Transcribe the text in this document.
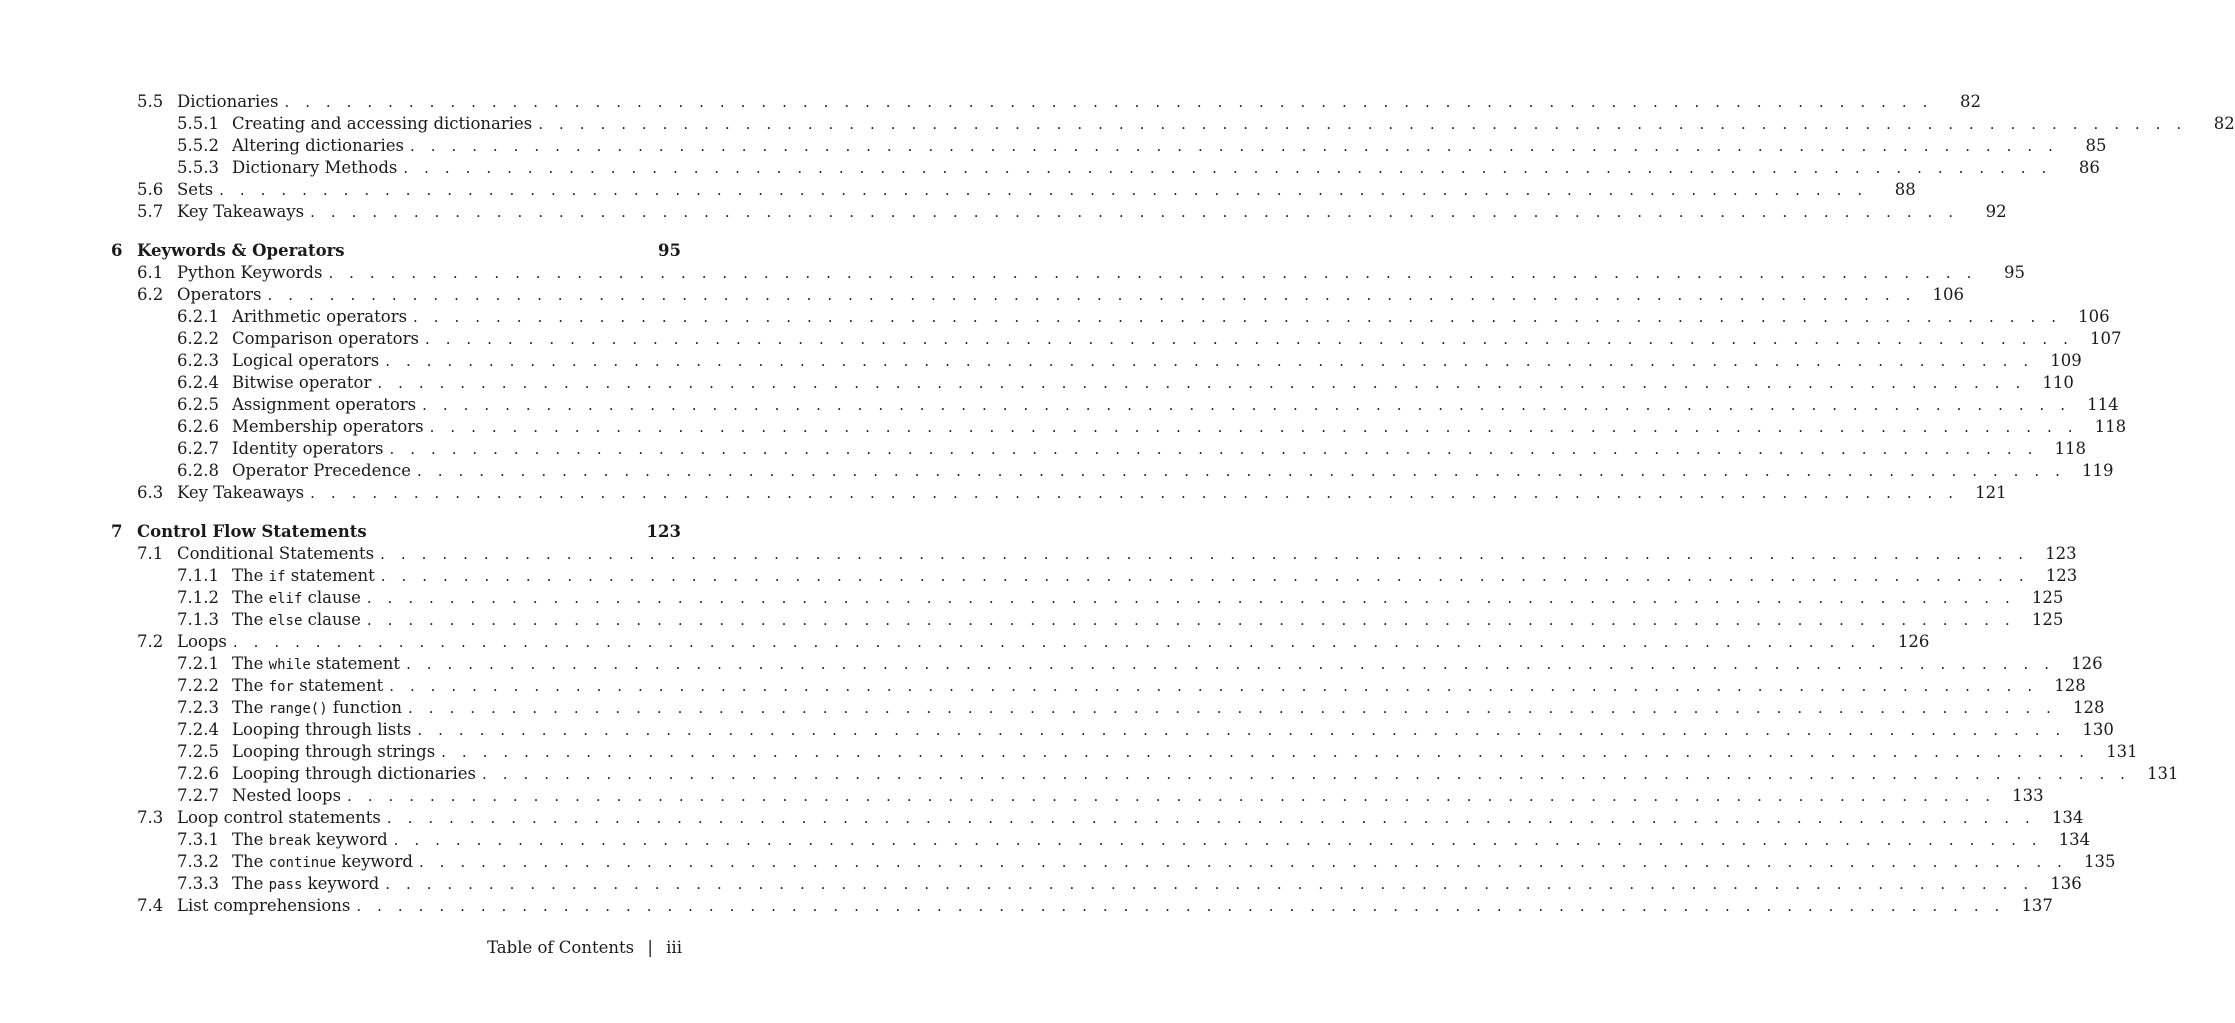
5.5 Dictionaries . . . . . . . . . . . . . . . . . . . . . . . . . . . . . . . . . . . . . . . . . . . . . . . . . . . . . . . . . . . . . . . . . . . . . . . . . . . . . . . .	82
5.5.1 Creating and accessing dictionaries . . . . . . . . . . . . . . . . . . . . . . . . . . . . . . . . . . . . . . . . . . . . . . . . . . . . . . . . . . . . . . . . . . . . . . . . . . . . . . . .	82
5.5.2 Altering dictionaries . . . . . . . . . . . . . . . . . . . . . . . . . . . . . . . . . . . . . . . . . . . . . . . . . . . . . . . . . . . . . . . . . . . . . . . . . . . . . . . .	85
5.5.3 Dictionary Methods . . . . . . . . . . . . . . . . . . . . . . . . . . . . . . . . . . . . . . . . . . . . . . . . . . . . . . . . . . . . . . . . . . . . . . . . . . . . . . . .	86
5.6 Sets . . . . . . . . . . . . . . . . . . . . . . . . . . . . . . . . . . . . . . . . . . . . . . . . . . . . . . . . . . . . . . . . . . . . . . . . . . . . . . . .	88
5.7 Key Takeaways . . . . . . . . . . . . . . . . . . . . . . . . . . . . . . . . . . . . . . . . . . . . . . . . . . . . . . . . . . . . . . . . . . . . . . . . . . . . . . . .	92
6 Keywords & Operators	95
6.1 Python Keywords . . . . . . . . . . . . . . . . . . . . . . . . . . . . . . . . . . . . . . . . . . . . . . . . . . . . . . . . . . . . . . . . . . . . . . . . . . . . . . . .	95
6.2 Operators . . . . . . . . . . . . . . . . . . . . . . . . . . . . . . . . . . . . . . . . . . . . . . . . . . . . . . . . . . . . . . . . . . . . . . . . . . . . . . . .	106
6.2.1 Arithmetic operators . . . . . . . . . . . . . . . . . . . . . . . . . . . . . . . . . . . . . . . . . . . . . . . . . . . . . . . . . . . . . . . . . . . . . . . . . . . . . . . .	106
6.2.2 Comparison operators . . . . . . . . . . . . . . . . . . . . . . . . . . . . . . . . . . . . . . . . . . . . . . . . . . . . . . . . . . . . . . . . . . . . . . . . . . . . . . . .	107
6.2.3 Logical operators . . . . . . . . . . . . . . . . . . . . . . . . . . . . . . . . . . . . . . . . . . . . . . . . . . . . . . . . . . . . . . . . . . . . . . . . . . . . . . . .	109
6.2.4 Bitwise operator . . . . . . . . . . . . . . . . . . . . . . . . . . . . . . . . . . . . . . . . . . . . . . . . . . . . . . . . . . . . . . . . . . . . . . . . . . . . . . . .	110
6.2.5 Assignment operators . . . . . . . . . . . . . . . . . . . . . . . . . . . . . . . . . . . . . . . . . . . . . . . . . . . . . . . . . . . . . . . . . . . . . . . . . . . . . . . .	114
6.2.6 Membership operators . . . . . . . . . . . . . . . . . . . . . . . . . . . . . . . . . . . . . . . . . . . . . . . . . . . . . . . . . . . . . . . . . . . . . . . . . . . . . . . .	118
6.2.7 Identity operators . . . . . . . . . . . . . . . . . . . . . . . . . . . . . . . . . . . . . . . . . . . . . . . . . . . . . . . . . . . . . . . . . . . . . . . . . . . . . . . .	118
6.2.8 Operator Precedence . . . . . . . . . . . . . . . . . . . . . . . . . . . . . . . . . . . . . . . . . . . . . . . . . . . . . . . . . . . . . . . . . . . . . . . . . . . . . . . .	119
6.3 Key Takeaways . . . . . . . . . . . . . . . . . . . . . . . . . . . . . . . . . . . . . . . . . . . . . . . . . . . . . . . . . . . . . . . . . . . . . . . . . . . . . . . .	121
7 Control Flow Statements	123
7.1 Conditional Statements . . . . . . . . . . . . . . . . . . . . . . . . . . . . . . . . . . . . . . . . . . . . . . . . . . . . . . . . . . . . . . . . . . . . . . . . . . . . . . . .	123
7.1.1 The if statement . . . . . . . . . . . . . . . . . . . . . . . . . . . . . . . . . . . . . . . . . . . . . . . . . . . . . . . . . . . . . . . . . . . . . . . . . . . . . . . .	123
7.1.2 The elif clause . . . . . . . . . . . . . . . . . . . . . . . . . . . . . . . . . . . . . . . . . . . . . . . . . . . . . . . . . . . . . . . . . . . . . . . . . . . . . . . .	125
7.1.3 The else clause . . . . . . . . . . . . . . . . . . . . . . . . . . . . . . . . . . . . . . . . . . . . . . . . . . . . . . . . . . . . . . . . . . . . . . . . . . . . . . . .	125
7.2 Loops . . . . . . . . . . . . . . . . . . . . . . . . . . . . . . . . . . . . . . . . . . . . . . . . . . . . . . . . . . . . . . . . . . . . . . . . . . . . . . . .	126
7.2.1 The while statement . . . . . . . . . . . . . . . . . . . . . . . . . . . . . . . . . . . . . . . . . . . . . . . . . . . . . . . . . . . . . . . . . . . . . . . . . . . . . . . .	126
7.2.2 The for statement . . . . . . . . . . . . . . . . . . . . . . . . . . . . . . . . . . . . . . . . . . . . . . . . . . . . . . . . . . . . . . . . . . . . . . . . . . . . . . . .	128
7.2.3 The range() function . . . . . . . . . . . . . . . . . . . . . . . . . . . . . . . . . . . . . . . . . . . . . . . . . . . . . . . . . . . . . . . . . . . . . . . . . . . . . . . .	128
7.2.4 Looping through lists . . . . . . . . . . . . . . . . . . . . . . . . . . . . . . . . . . . . . . . . . . . . . . . . . . . . . . . . . . . . . . . . . . . . . . . . . . . . . . . .	130
7.2.5 Looping through strings . . . . . . . . . . . . . . . . . . . . . . . . . . . . . . . . . . . . . . . . . . . . . . . . . . . . . . . . . . . . . . . . . . . . . . . . . . . . . . . .	131
7.2.6 Looping through dictionaries . . . . . . . . . . . . . . . . . . . . . . . . . . . . . . . . . . . . . . . . . . . . . . . . . . . . . . . . . . . . . . . . . . . . . . . . . . . . . . . .	131
7.2.7 Nested loops . . . . . . . . . . . . . . . . . . . . . . . . . . . . . . . . . . . . . . . . . . . . . . . . . . . . . . . . . . . . . . . . . . . . . . . . . . . . . . . .	133
7.3 Loop control statements . . . . . . . . . . . . . . . . . . . . . . . . . . . . . . . . . . . . . . . . . . . . . . . . . . . . . . . . . . . . . . . . . . . . . . . . . . . . . . . .	134
7.3.1 The break keyword . . . . . . . . . . . . . . . . . . . . . . . . . . . . . . . . . . . . . . . . . . . . . . . . . . . . . . . . . . . . . . . . . . . . . . . . . . . . . . . .	134
7.3.2 The continue keyword . . . . . . . . . . . . . . . . . . . . . . . . . . . . . . . . . . . . . . . . . . . . . . . . . . . . . . . . . . . . . . . . . . . . . . . . . . . . . . . .	135
7.3.3 The pass keyword . . . . . . . . . . . . . . . . . . . . . . . . . . . . . . . . . . . . . . . . . . . . . . . . . . . . . . . . . . . . . . . . . . . . . . . . . . . . . . . .	136
7.4 List comprehensions . . . . . . . . . . . . . . . . . . . . . . . . . . . . . . . . . . . . . . . . . . . . . . . . . . . . . . . . . . . . . . . . . . . . . . . . . . . . . . . .	137
Table of Contents | iii
